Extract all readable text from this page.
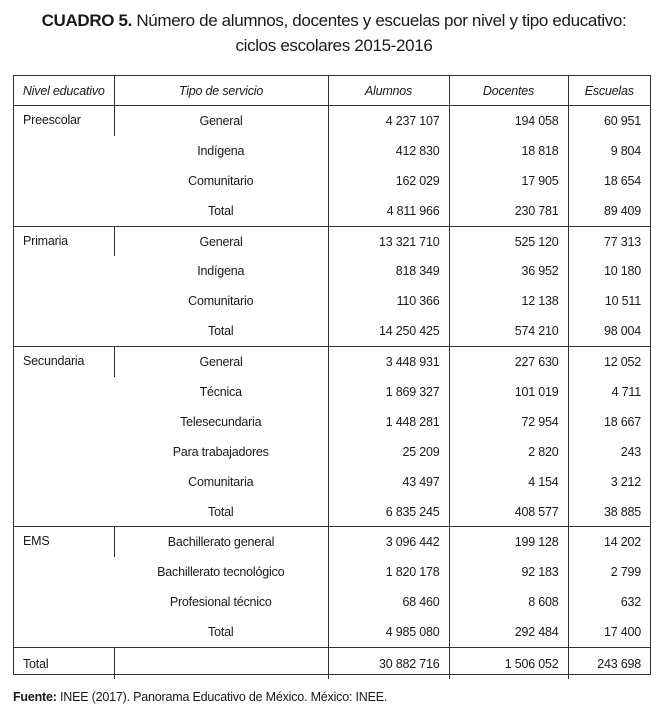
CUADRO 5. Número de alumnos, docentes y escuelas por nivel y tipo educativo:
ciclos escolares 2015-2016
Nivel educativo	Tipo de servicio	Alumnos	Docentes	Escuelas
Preescolar	General	4 237 107	194 058	60 951
	Indígena	412 830	18 818	9 804
	Comunitario	162 029	17 905	18 654
	Total	4 811 966	230 781	89 409
Primaria	General	13 321 710	525 120	77 313
	Indígena	818 349	36 952	10 180
	Comunitario	110 366	12 138	10 511
	Total	14 250 425	574 210	98 004
Secundaria	General	3 448 931	227 630	12 052
	Técnica	1 869 327	101 019	4 711
	Telesecundaria	1 448 281	72 954	18 667
	Para trabajadores	25 209	2 820	243
	Comunitaria	43 497	4 154	3 212
	Total	6 835 245	408 577	38 885
EMS	Bachillerato general	3 096 442	199 128	14 202
	Bachillerato tecnológico	1 820 178	92 183	2 799
	Profesional técnico	68 460	8 608	632
	Total	4 985 080	292 484	17 400
Total		30 882 716	1 506 052	243 698
Fuente: INEE (2017). Panorama Educativo de México. México: INEE.
